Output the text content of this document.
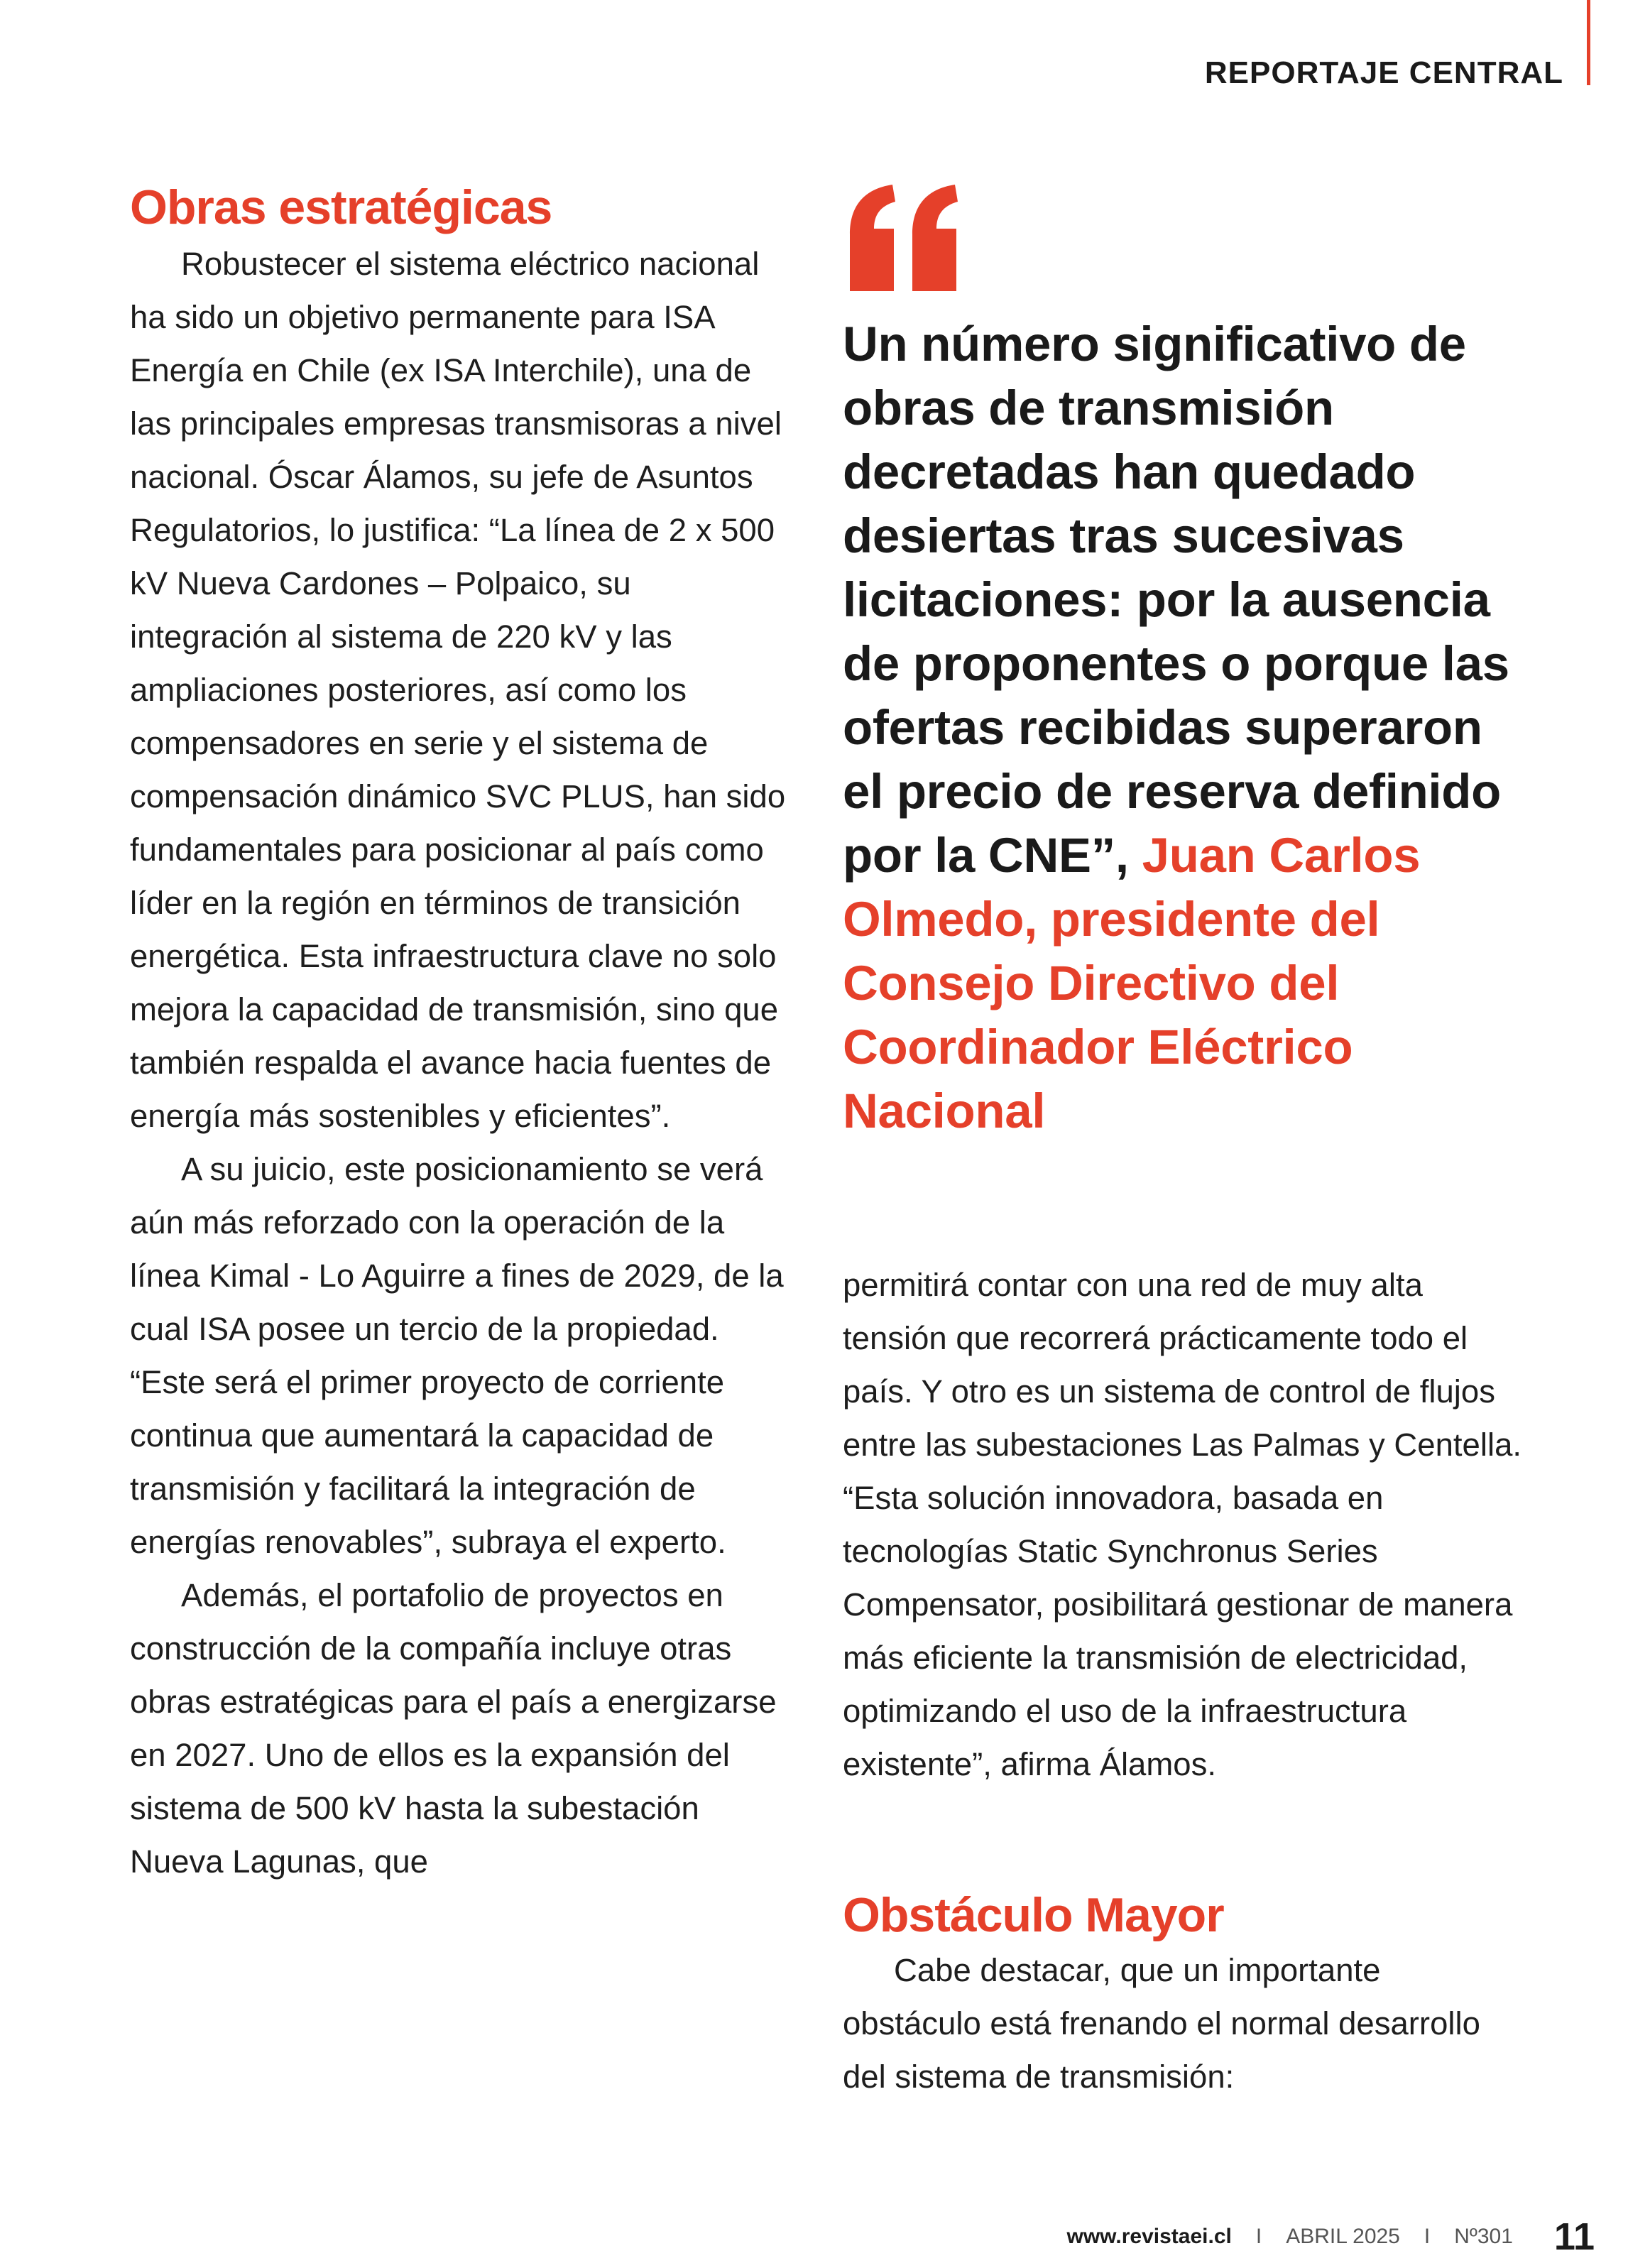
REPORTAJE CENTRAL
Obras estratégicas

Robustecer el sistema eléctrico nacional ha sido un objetivo permanente para ISA Energía en Chile (ex ISA Interchile), una de las principales empresas transmisoras a nivel nacional. Óscar Álamos, su jefe de Asuntos Regulatorios, lo justifica: “La línea de 2 x 500 kV Nueva Cardones – Polpaico, su integración al sistema de 220 kV y las ampliaciones posteriores, así como los compensadores en serie y el sistema de compensación dinámico SVC PLUS, han sido fundamentales para posicionar al país como líder en la región en términos de transición energética. Esta infraestructura clave no solo mejora la capacidad de transmisión, sino que también respalda el avance hacia fuentes de energía más sostenibles y eficientes”.

A su juicio, este posicionamiento se verá aún más reforzado con la operación de la línea Kimal - Lo Aguirre a fines de 2029, de la cual ISA posee un tercio de la propiedad. “Este será el primer proyecto de corriente continua que aumentará la capacidad de transmisión y facilitará la integración de energías renovables”, subraya el experto.

Además, el portafolio de proyectos en construcción de la compañía incluye otras obras estratégicas para el país a energizarse en 2027. Uno de ellos es la expansión del sistema de 500 kV hasta la subestación Nueva Lagunas, que

Un número significativo de obras de transmisión decretadas han quedado desiertas tras sucesivas licitaciones: por la ausencia de proponentes o porque las ofertas recibidas superaron el precio de reserva definido por la CNE”, Juan Carlos Olmedo, presidente del Consejo Directivo del Coordinador Eléctrico Nacional

permitirá contar con una red de muy alta tensión que recorrerá prácticamente todo el país. Y otro es un sistema de control de flujos entre las subestaciones Las Palmas y Centella. “Esta solución innovadora, basada en tecnologías Static Synchronus Series Compensator, posibilitará gestionar de manera más eficiente la transmisión de electricidad, optimizando el uso de la infraestructura existente”, afirma Álamos.

Obstáculo Mayor

Cabe destacar, que un importante obstáculo está frenando el normal desarrollo del sistema de transmisión:

www.revistaei.cl I ABRIL 2025 I Nº301 11
